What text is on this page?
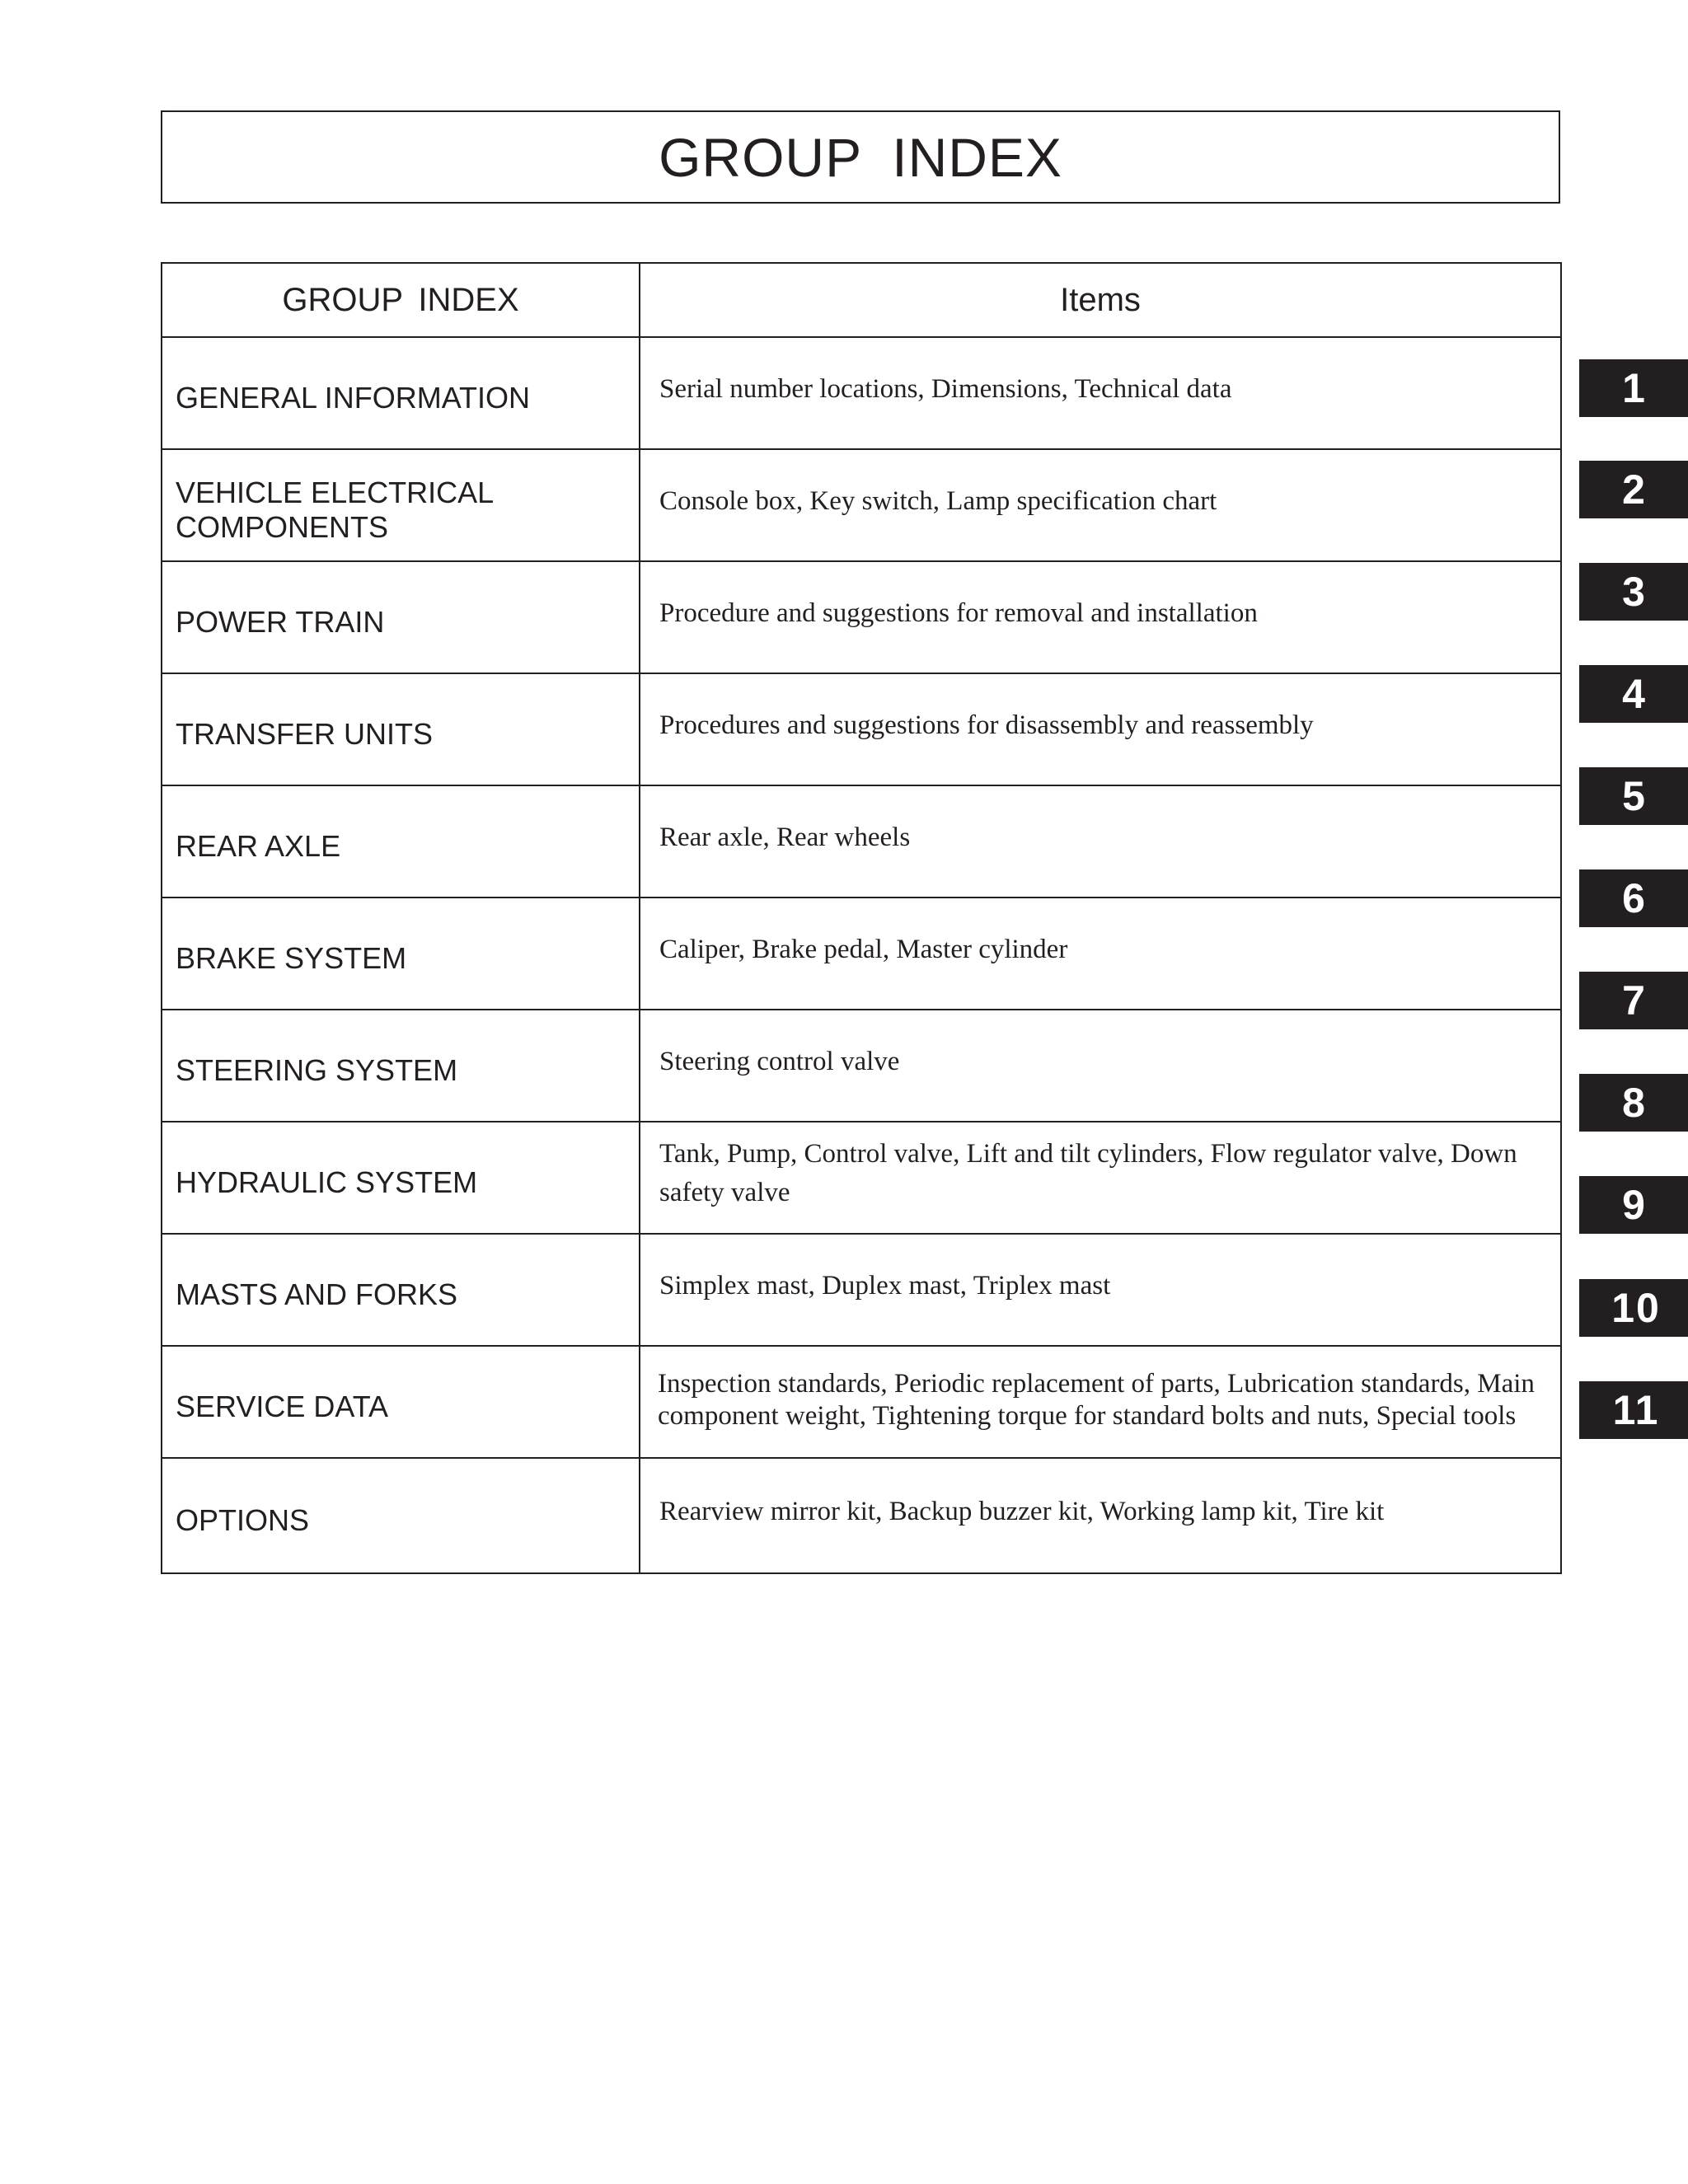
GROUP INDEX
GROUP INDEX	Items
GENERAL INFORMATION	Serial number locations, Dimensions, Technical data
VEHICLE ELECTRICAL
COMPONENTS	Console box, Key switch, Lamp specification chart
POWER TRAIN	Procedure and suggestions for removal and installation
TRANSFER UNITS	Procedures and suggestions for disassembly and reassembly
REAR AXLE	Rear axle, Rear wheels
BRAKE SYSTEM	Caliper, Brake pedal, Master cylinder
STEERING SYSTEM	Steering control valve
HYDRAULIC SYSTEM	Tank, Pump, Control valve, Lift and tilt cylinders, Flow regulator valve, Down safety valve
MASTS AND FORKS	Simplex mast, Duplex mast, Triplex mast
SERVICE DATA	Inspection standards, Periodic replacement of parts, Lubrication standards, Main component weight, Tightening torque for standard bolts and nuts, Special tools
OPTIONS	Rearview mirror kit, Backup buzzer kit, Working lamp kit, Tire kit
1
2
3
4
5
6
7
8
9
10
11
